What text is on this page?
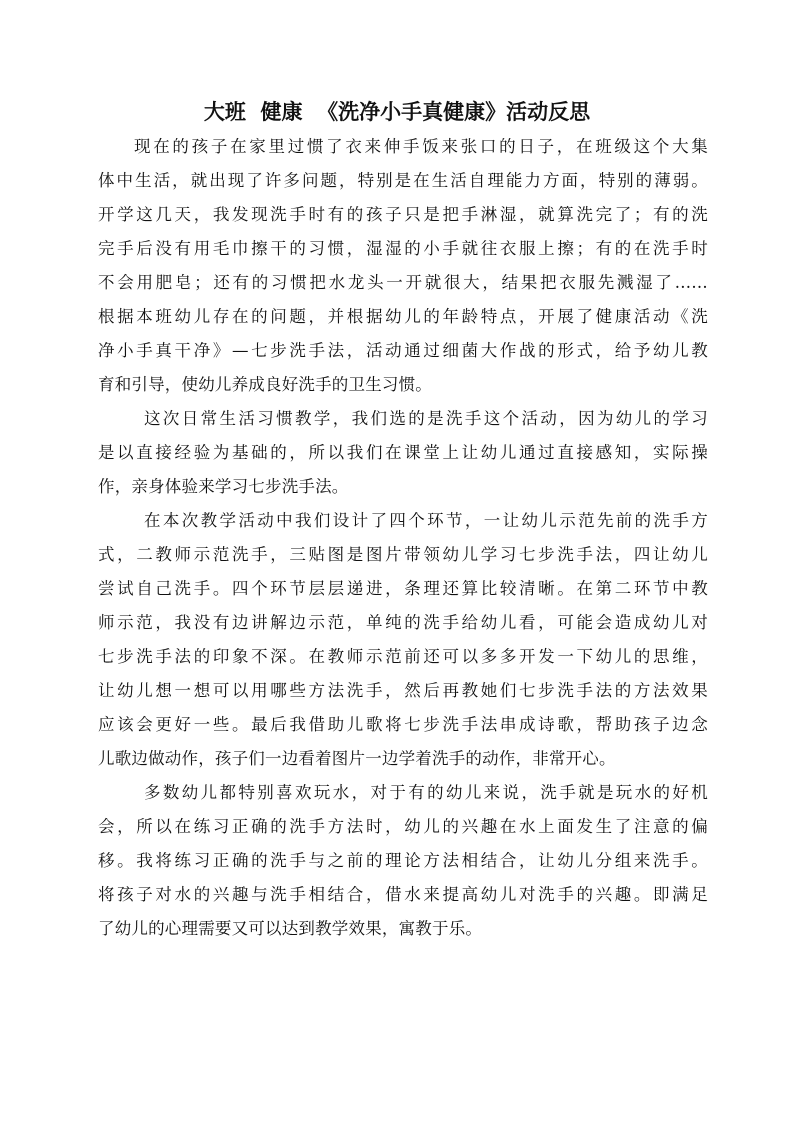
大班  健康  《洗净小手真健康》活动反思
现在的孩子在家里过惯了衣来伸手饭来张口的日子，在班级这个大集
体中生活，就出现了许多问题，特别是在生活自理能力方面，特别的薄弱。
开学这几天，我发现洗手时有的孩子只是把手淋湿，就算洗完了；有的洗
完手后没有用毛巾擦干的习惯，湿湿的小手就往衣服上擦；有的在洗手时
不会用肥皂；还有的习惯把水龙头一开就很大，结果把衣服先溅湿了……
根据本班幼儿存在的问题，并根据幼儿的年龄特点，开展了健康活动《洗
净小手真干净》—七步洗手法，活动通过细菌大作战的形式，给予幼儿教
育和引导，使幼儿养成良好洗手的卫生习惯。
这次日常生活习惯教学，我们选的是洗手这个活动，因为幼儿的学习
是以直接经验为基础的，所以我们在课堂上让幼儿通过直接感知，实际操
作，亲身体验来学习七步洗手法。
在本次教学活动中我们设计了四个环节，一让幼儿示范先前的洗手方
式，二教师示范洗手，三贴图是图片带领幼儿学习七步洗手法，四让幼儿
尝试自己洗手。四个环节层层递进，条理还算比较清晰。在第二环节中教
师示范，我没有边讲解边示范，单纯的洗手给幼儿看，可能会造成幼儿对
七步洗手法的印象不深。在教师示范前还可以多多开发一下幼儿的思维，
让幼儿想一想可以用哪些方法洗手，然后再教她们七步洗手法的方法效果
应该会更好一些。最后我借助儿歌将七步洗手法串成诗歌，帮助孩子边念
儿歌边做动作，孩子们一边看着图片一边学着洗手的动作，非常开心。
多数幼儿都特别喜欢玩水，对于有的幼儿来说，洗手就是玩水的好机
会，所以在练习正确的洗手方法时，幼儿的兴趣在水上面发生了注意的偏
移。我将练习正确的洗手与之前的理论方法相结合，让幼儿分组来洗手。
将孩子对水的兴趣与洗手相结合，借水来提高幼儿对洗手的兴趣。即满足
了幼儿的心理需要又可以达到教学效果，寓教于乐。
